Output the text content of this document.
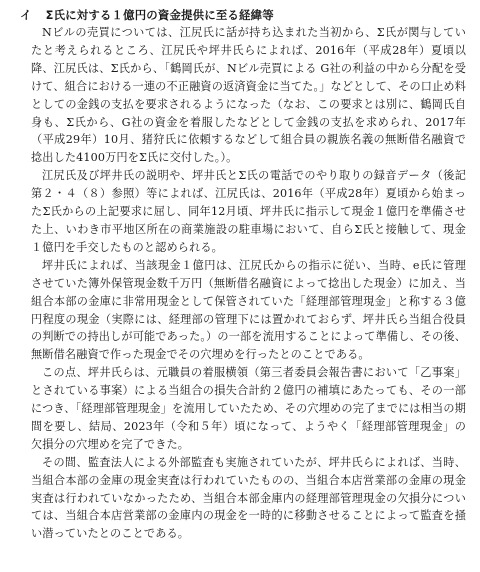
イ Σ氏に対する１億円の資金提供に至る経緯等

Nビルの売買については、江尻氏に話が持ち込まれた当初から、Σ氏が関与していたと考えられるところ、江尻氏や坪井氏らによれば、2016年（平成28年）夏頃以降、江尻氏は、Σ氏から、「鶴岡氏が、Nビル売買による G社の利益の中から分配を受けて、組合における一連の不正融資の返済資金に当てた。」などとして、その口止め料としての金銭の支払を要求されるようになった（なお、この要求とは別に、鶴岡氏自身も、Σ氏から、G社の資金を着服したなどとして金銭の支払を求められ、2017年（平成29年）10月、猪狩氏に依頼するなどして組合員の親族名義の無断借名融資で捻出した4100万円をΣ氏に交付した。）。

江尻氏及び坪井氏の説明や、坪井氏とΣ氏の電話でのやり取りの録音データ（後記第２・４（８）参照）等によれば、江尻氏は、2016年（平成28年）夏頃から始まったΣ氏からの上記要求に屈し、同年12月頃、坪井氏に指示して現金１億円を準備させた上、いわき市平地区所在の商業施設の駐車場において、自らΣ氏と接触して、現金１億円を手交したものと認められる。

坪井氏によれば、当該現金１億円は、江尻氏からの指示に従い、当時、e氏に管理させていた簿外保管現金数千万円（無断借名融資によって捻出した現金）に加え、当組合本部の金庫に非常用現金として保管されていた「経理部管理現金」と称する３億円程度の現金（実際には、経理部の管理下には置かれておらず、坪井氏ら当組合役員の判断での持出しが可能であった。）の一部を流用することによって準備し、その後、無断借名融資で作った現金でその穴埋めを行ったとのことである。

この点、坪井氏らは、元職員の着服横領（第三者委員会報告書において「乙事案」とされている事案）による当組合の損失合計約２億円の補填にあたっても、その一部につき、「経理部管理現金」を流用していたため、その穴埋めの完了までには相当の期間を要し、結局、2023年（令和５年）頃になって、ようやく「経理部管理現金」の欠損分の穴埋めを完了できた。

その間、監査法人による外部監査も実施されていたが、坪井氏らによれば、当時、当組合本部の金庫の現金実査は行われていたものの、当組合本店営業部の金庫の現金実査は行われていなかったため、当組合本部金庫内の経理部管理現金の欠損分については、当組合本店営業部の金庫内の現金を一時的に移動させることによって監査を掻い潜っていたとのことである。
